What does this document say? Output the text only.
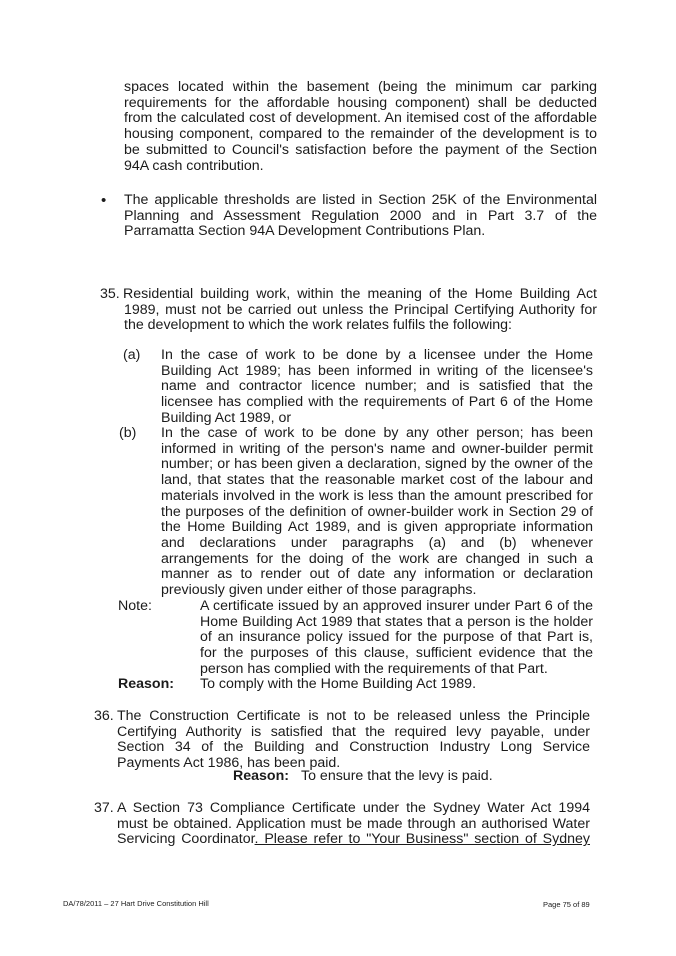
spaces located within the basement (being the minimum car parking requirements for the affordable housing component) shall be deducted from the calculated cost of development. An itemised cost of the affordable housing component, compared to the remainder of the development is to be submitted to Council's satisfaction before the payment of the Section 94A cash contribution.

• The applicable thresholds are listed in Section 25K of the Environmental Planning and Assessment Regulation 2000 and in Part 3.7 of the Parramatta Section 94A Development Contributions Plan.

35. Residential building work, within the meaning of the Home Building Act 1989, must not be carried out unless the Principal Certifying Authority for the development to which the work relates fulfils the following:

(a) In the case of work to be done by a licensee under the Home Building Act 1989; has been informed in writing of the licensee's name and contractor licence number; and is satisfied that the licensee has complied with the requirements of Part 6 of the Home Building Act 1989, or

(b) In the case of work to be done by any other person; has been informed in writing of the person's name and owner-builder permit number; or has been given a declaration, signed by the owner of the land, that states that the reasonable market cost of the labour and materials involved in the work is less than the amount prescribed for the purposes of the definition of owner-builder work in Section 29 of the Home Building Act 1989, and is given appropriate information and declarations under paragraphs (a) and (b) whenever arrangements for the doing of the work are changed in such a manner as to render out of date any information or declaration previously given under either of those paragraphs.

Note:	A certificate issued by an approved insurer under Part 6 of the Home Building Act 1989 that states that a person is the holder of an insurance policy issued for the purpose of that Part is, for the purposes of this clause, sufficient evidence that the person has complied with the requirements of that Part.

Reason: To comply with the Home Building Act 1989.
36. The Construction Certificate is not to be released unless the Principle Certifying Authority is satisfied that the required levy payable, under Section 34 of the Building and Construction Industry Long Service Payments Act 1986, has been paid.

Reason: To ensure that the levy is paid.
37. A Section 73 Compliance Certificate under the Sydney Water Act 1994 must be obtained. Application must be made through an authorised Water Servicing Coordinator. Please refer to "Your Business" section of Sydney

DA/78/2011 – 27 Hart Drive Constitution Hill	Page 75 of 89
